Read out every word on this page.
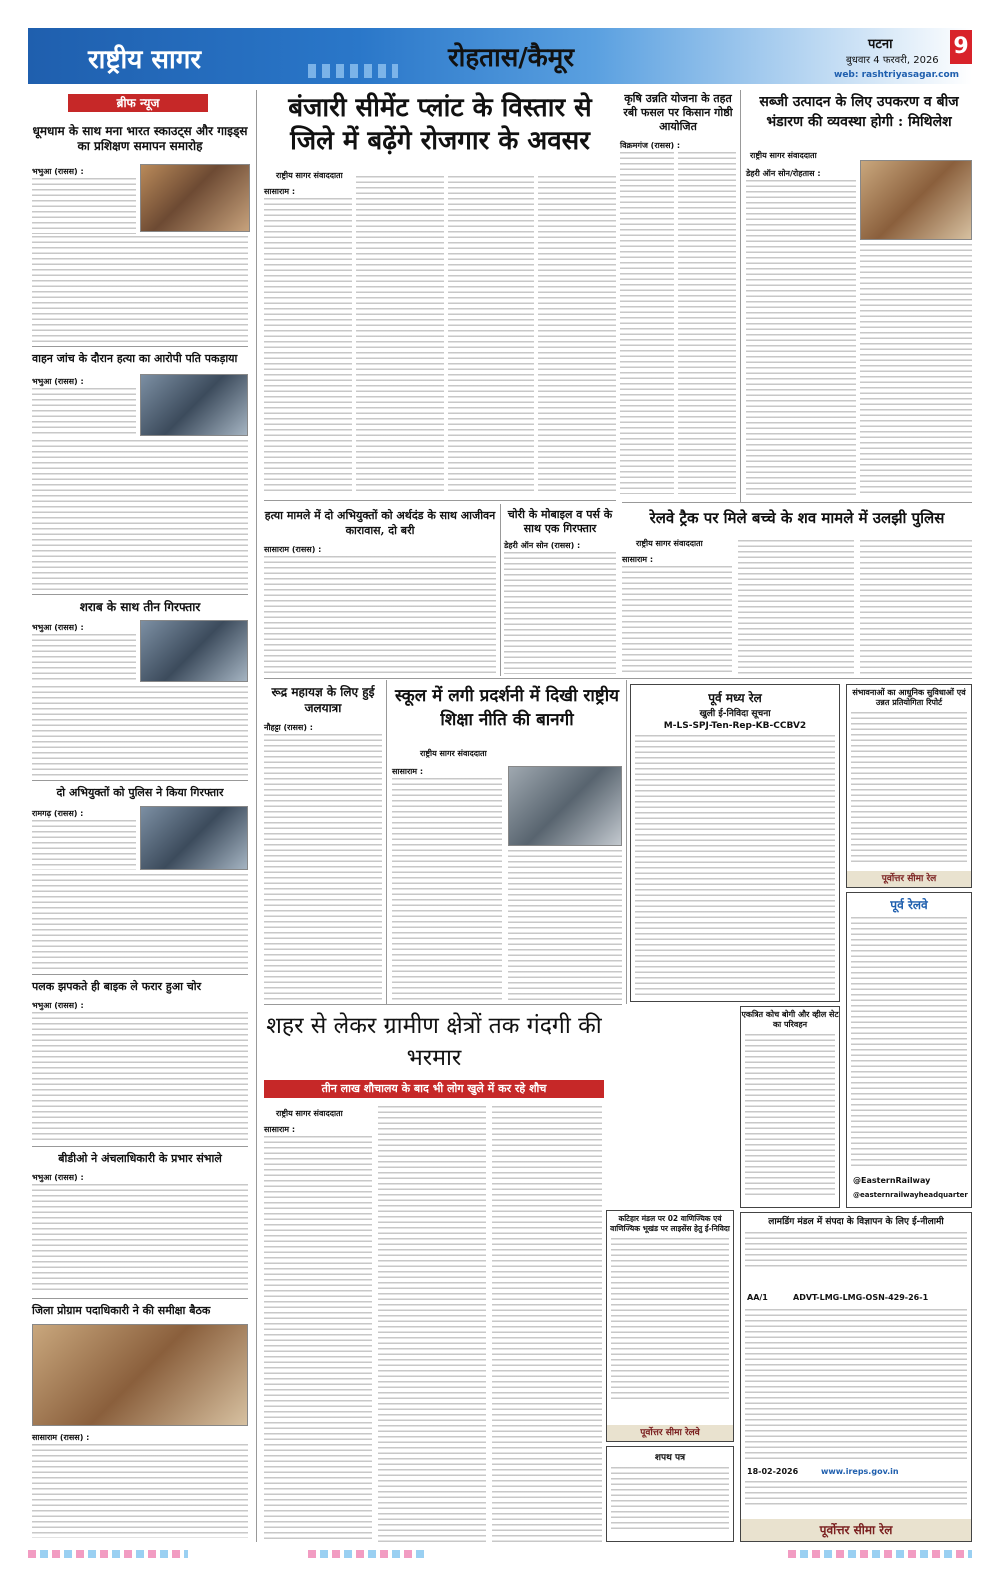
राष्ट्रीय सागर	रोहतास/कैमूर	पटना
बुधवार 4 फरवरी, 2026
web: rashtriyasagar.com
9
ब्रीफ न्यूज
धूमधाम के साथ मना भारत स्काउट्स और गाइड्स का प्रशिक्षण समापन समारोह
भभुआ (रासस) :
वाहन जांच के दौरान हत्या का आरोपी पति पकड़ाया
भभुआ (रासस) :
शराब के साथ तीन गिरफ्तार
भभुआ (रासस) :
दो अभियुक्तों को पुलिस ने किया गिरफ्तार
रामगढ़ (रासस) :
पलक झपकते ही बाइक ले फरार हुआ चोर
भभुआ (रासस) :
बीडीओ ने अंचलाधिकारी के प्रभार संभाले
भभुआ (रासस) :
जिला प्रोग्राम पदाधिकारी ने की समीक्षा बैठक
सासाराम (रासस) :
बंजारी सीमेंट प्लांट के विस्तार से जिले में बढ़ेंगे रोजगार के अवसर
राष्ट्रीय सागर संवाददाता
सासाराम :
कृषि उन्नति योजना के तहत रबी फसल पर किसान गोष्ठी आयोजित
विक्रमगंज (रासस) :
सब्जी उत्पादन के लिए उपकरण व बीज भंडारण की व्यवस्था होगी : मिथिलेश
राष्ट्रीय सागर संवाददाता
डेहरी ऑन सोन/रोहतास :
हत्या मामले में दो अभियुक्तों को अर्थदंड के साथ आजीवन कारावास, दो बरी
सासाराम (रासस) :
चोरी के मोबाइल व पर्स के साथ एक गिरफ्तार
डेहरी ऑन सोन (रासस) :
रेलवे ट्रैक पर मिले बच्चे के शव मामले में उलझी पुलिस
राष्ट्रीय सागर संवाददाता
सासाराम :
रूद्र महायज्ञ के लिए हुई जलयात्रा
नौहट्टा (रासस) :
स्कूल में लगी प्रदर्शनी में दिखी राष्ट्रीय शिक्षा नीति की बानगी
राष्ट्रीय सागर संवाददाता
सासाराम :
पूर्व मध्य रेल
खुली ई-निविदा सूचना
M-LS-SPJ-Ten-Rep-KB-CCBV2
संभावनाओं का आधुनिक सुविधाओं एवं उन्नत प्रतियोगिता रिपोर्ट
पूर्वोत्तर सीमा रेल
पूर्व रेलवे
@EasternRailway
@easternrailwayheadquarter
एकत्रित कोच बोगी और व्हील सेट का परिवहन
शहर से लेकर ग्रामीण क्षेत्रों तक गंदगी की भरमार
तीन लाख शौचालय के बाद भी लोग खुले में कर रहे शौच
राष्ट्रीय सागर संवाददाता
सासाराम :
कटिहार मंडल पर 02 वाणिज्यिक एवं वाणिज्यिक भूखंड पर लाइसेंस हेतु ई-निविदा
पूर्वोत्तर सीमा रेलवे
शपथ पत्र
लामडिंग मंडल में संपदा के विज्ञापन के लिए ई-नीलामी
AA/1	ADVT-LMG-LMG-OSN-429-26-1
18-02-2026	www.ireps.gov.in
पूर्वोत्तर सीमा रेल
